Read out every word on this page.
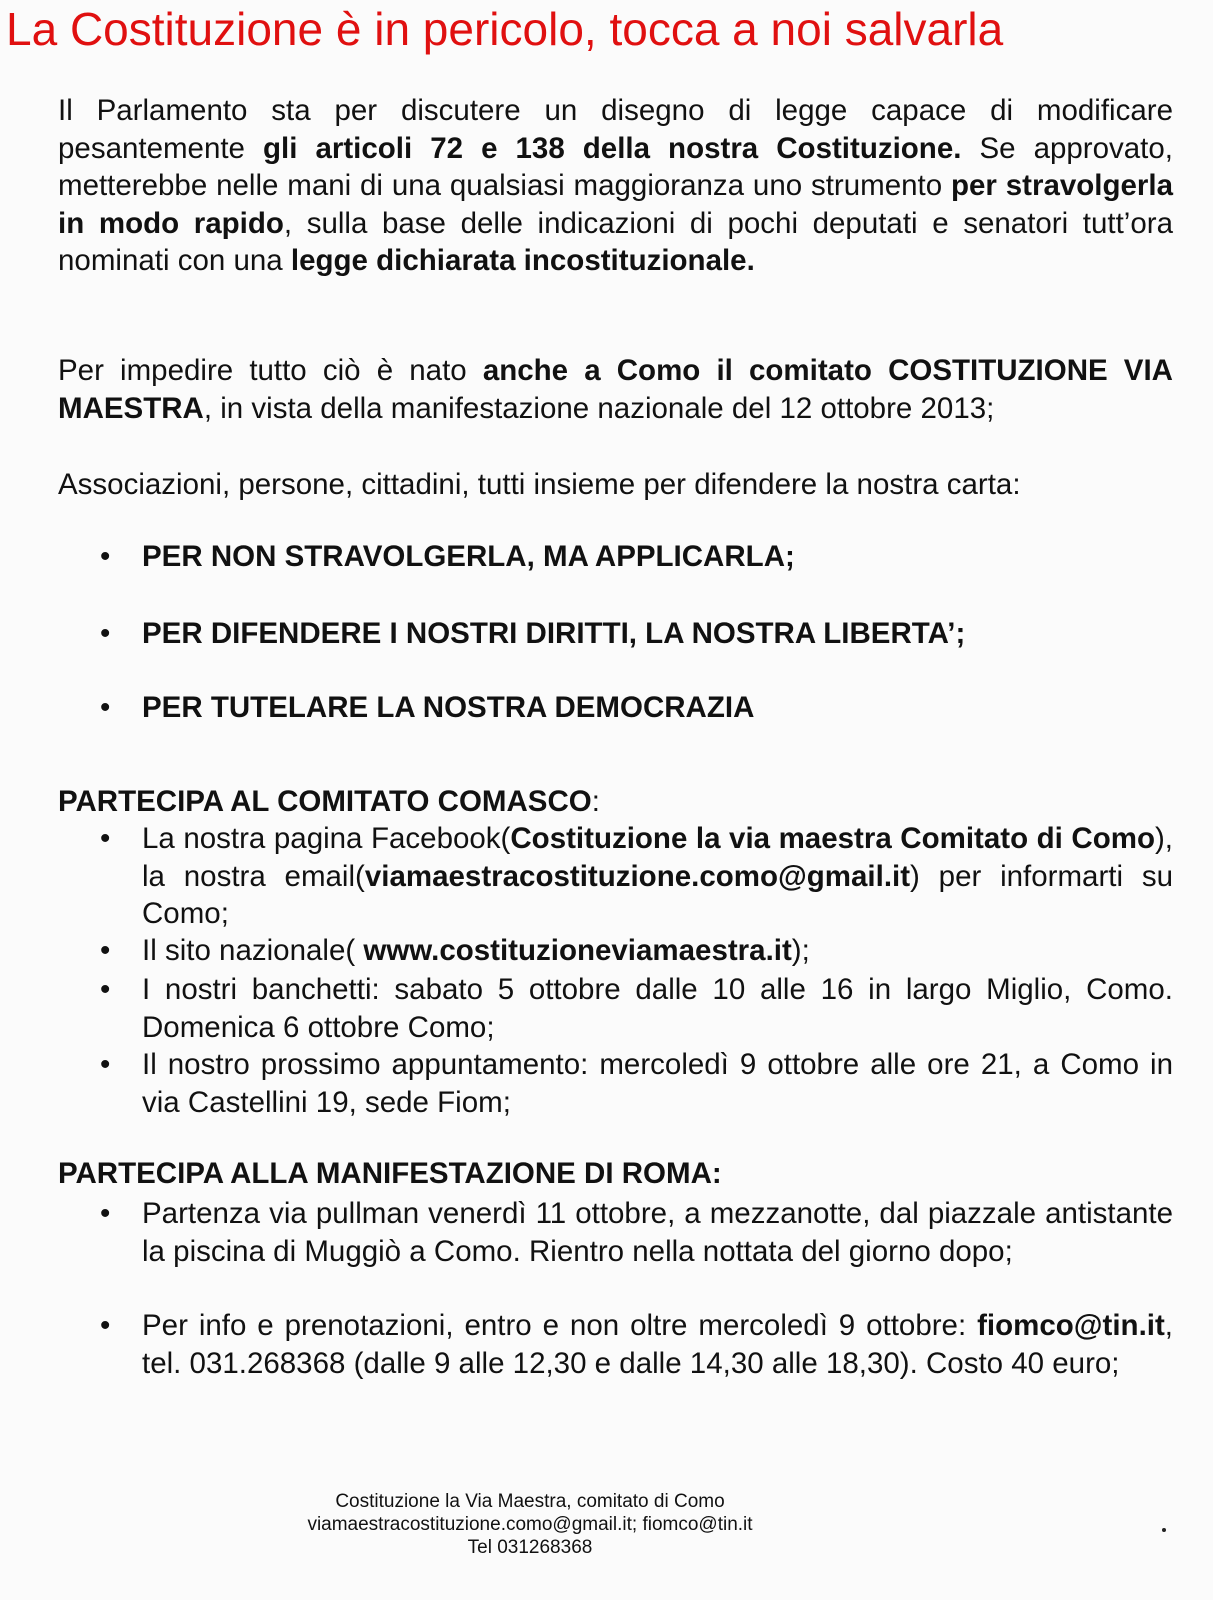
La Costituzione è in pericolo, tocca a noi salvarla
Il Parlamento sta per discutere un disegno di legge capace di modificare pesantemente gli articoli 72 e 138 della nostra Costituzione. Se approvato, metterebbe nelle mani di una qualsiasi maggioranza uno strumento per stravolgerla in modo rapido, sulla base delle indicazioni di pochi deputati e senatori tutt’ora nominati con una legge dichiarata incostituzionale.
Per impedire tutto ciò è nato anche a Como il comitato COSTITUZIONE VIA MAESTRA, in vista della manifestazione nazionale del 12 ottobre 2013;
Associazioni, persone, cittadini, tutti insieme per difendere la nostra carta:
• PER NON STRAVOLGERLA, MA APPLICARLA;
• PER DIFENDERE I NOSTRI DIRITTI, LA NOSTRA LIBERTA’;
• PER TUTELARE LA NOSTRA DEMOCRAZIA
PARTECIPA AL COMITATO COMASCO:
• La nostra pagina Facebook(Costituzione la via maestra Comitato di Como), la nostra email(viamaestracostituzione.como@gmail.it) per informarti su Como;
• Il sito nazionale( www.costituzioneviamaestra.it);
• I nostri banchetti: sabato 5 ottobre dalle 10 alle 16 in largo Miglio, Como. Domenica 6 ottobre Como;
• Il nostro prossimo appuntamento: mercoledì 9 ottobre alle ore 21, a Como in via Castellini 19, sede Fiom;
PARTECIPA ALLA MANIFESTAZIONE DI ROMA:
• Partenza via pullman venerdì 11 ottobre, a mezzanotte, dal piazzale antistante la piscina di Muggiò a Como. Rientro nella nottata del giorno dopo;
• Per info e prenotazioni, entro e non oltre mercoledì 9 ottobre: fiomco@tin.it, tel. 031.268368 (dalle 9 alle 12,30 e dalle 14,30 alle 18,30). Costo 40 euro;
Costituzione la Via Maestra, comitato di Como
viamaestracostituzione.como@gmail.it; fiomco@tin.it
Tel 031268368
